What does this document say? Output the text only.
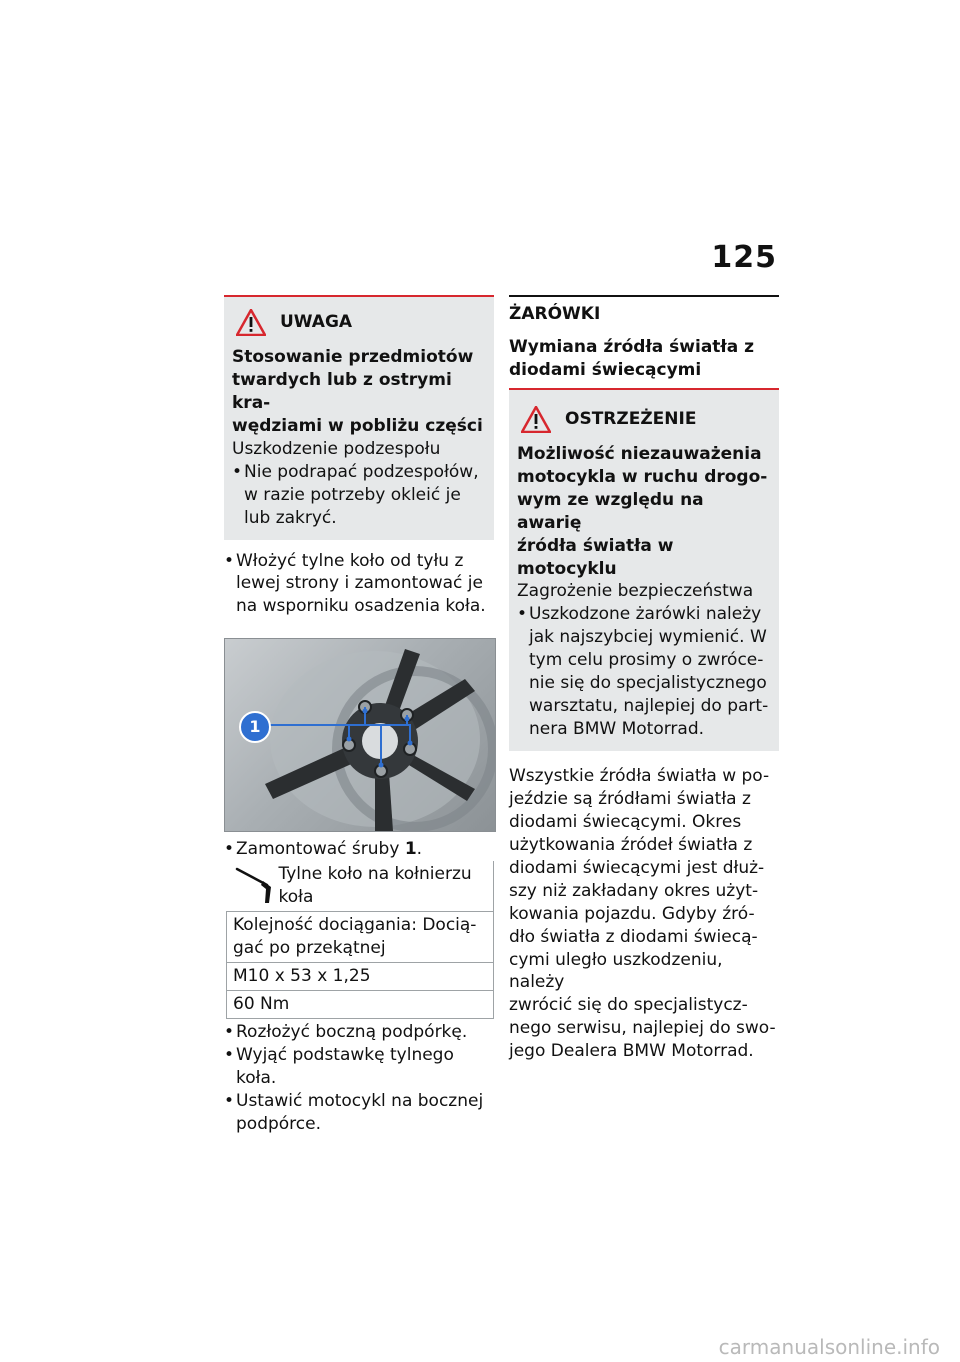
125
UWAGA

Stosowanie przedmiotów
twardych lub z ostrymi kra-
wędziami w pobliżu części

Uszkodzenie podzespołu

• Nie podrapać podzespołów,
w razie potrzeby okleić je
lub zakryć.
• Włożyć tylne koło od tyłu z
lewej strony i zamontować je
na wsporniku osadzenia koła.
1
• Zamontować śruby 1.
Tylne koło na kołnierzu
koła

Kolejność dociągania: Docią-
gać po przekątnej
M10 x 53 x 1,25
60 Nm
• Rozłożyć boczną podpórkę.
• Wyjąć podstawkę tylnego
koła.
• Ustawić motocykl na bocznej
podpórce.

ŻARÓWKI

Wymiana źródła światła z
diodami świecącymi

OSTRZEŻENIE

Możliwość niezauważenia
motocykla w ruchu drogo-
wym ze względu na awarię
źródła światła w motocyklu

Zagrożenie bezpieczeństwa

• Uszkodzone żarówki należy
jak najszybciej wymienić. W
tym celu prosimy o zwróce-
nie się do specjalistycznego
warsztatu, najlepiej do part-
nera BMW Motorrad.

Wszystkie źródła światła w po-
jeździe są źródłami światła z
diodami świecącymi. Okres
użytkowania źródeł światła z
diodami świecącymi jest dłuż-
szy niż zakładany okres użyt-
kowania pojazdu. Gdyby źró-
dło światła z diodami świecą-
cymi uległo uszkodzeniu, należy
zwrócić się do specjalistycz-
nego serwisu, najlepiej do swo-
jego Dealera BMW Motorrad.

carmanualsonline.info
